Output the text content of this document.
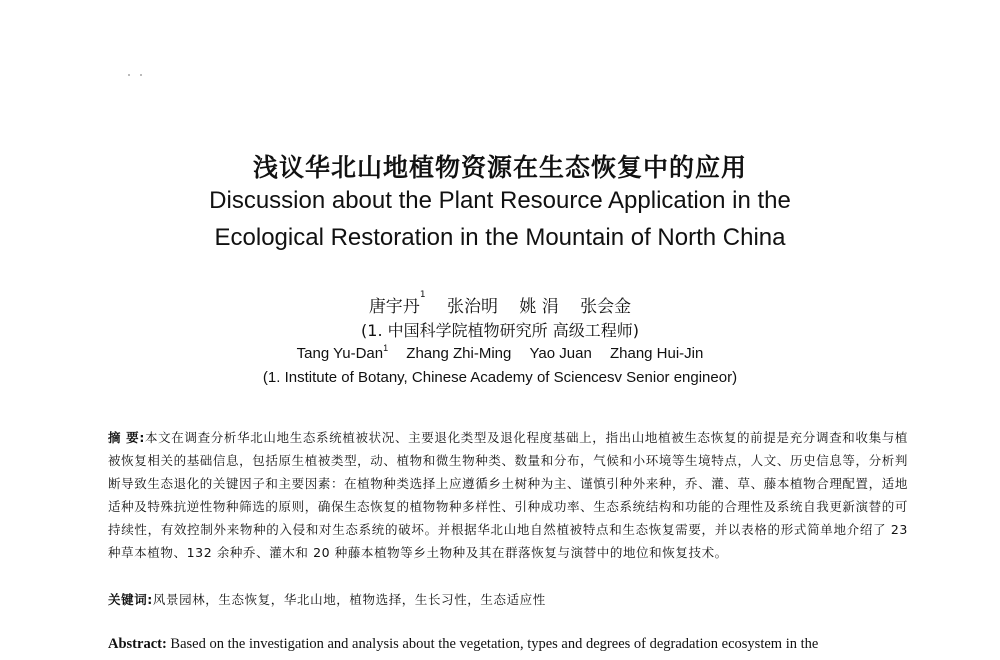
浅议华北山地植物资源在生态恢复中的应用
Discussion about the Plant Resource Application in the
Ecological Restoration in the Mountain of North China
唐宇丹$^1$ 张治明 姚 涓 张会金
(1. 中国科学院植物研究所 高级工程师)
Tang Yu-Dan$^1$ Zhang Zhi-Ming Yao Juan Zhang Hui-Jin
(1. Institute of Botany, Chinese Academy of Sciencesv Senior engineor)
摘 要:本文在调查分析华北山地生态系统植被状况、主要退化类型及退化程度基础上，指出山地植被生态恢复的前提是充分调查和收集与植被恢复相关的基础信息，包括原生植被类型，动、植物和微生物种类、数量和分布，气候和小环境等生境特点，人文、历史信息等，分析判断导致生态退化的关键因子和主要因素：在植物种类选择上应遵循乡土树种为主、谨慎引种外来种，乔、灌、草、藤本植物合理配置，适地适种及特殊抗逆性物种筛选的原则，确保生态恢复的植物物种多样性、引种成功率、生态系统结构和功能的合理性及系统自我更新演替的可持续性，有效控制外来物种的入侵和对生态系统的破坏。并根据华北山地自然植被特点和生态恢复需要，并以表格的形式简单地介绍了 23 种草本植物、132 余种乔、灌木和 20 种藤本植物等乡土物种及其在群落恢复与演替中的地位和恢复技术。
关键词:风景园林，生态恢复，华北山地，植物选择，生长习性，生态适应性
Abstract: Based on the investigation and analysis about the vegetation, types and degrees of degradation ecosystem in the
